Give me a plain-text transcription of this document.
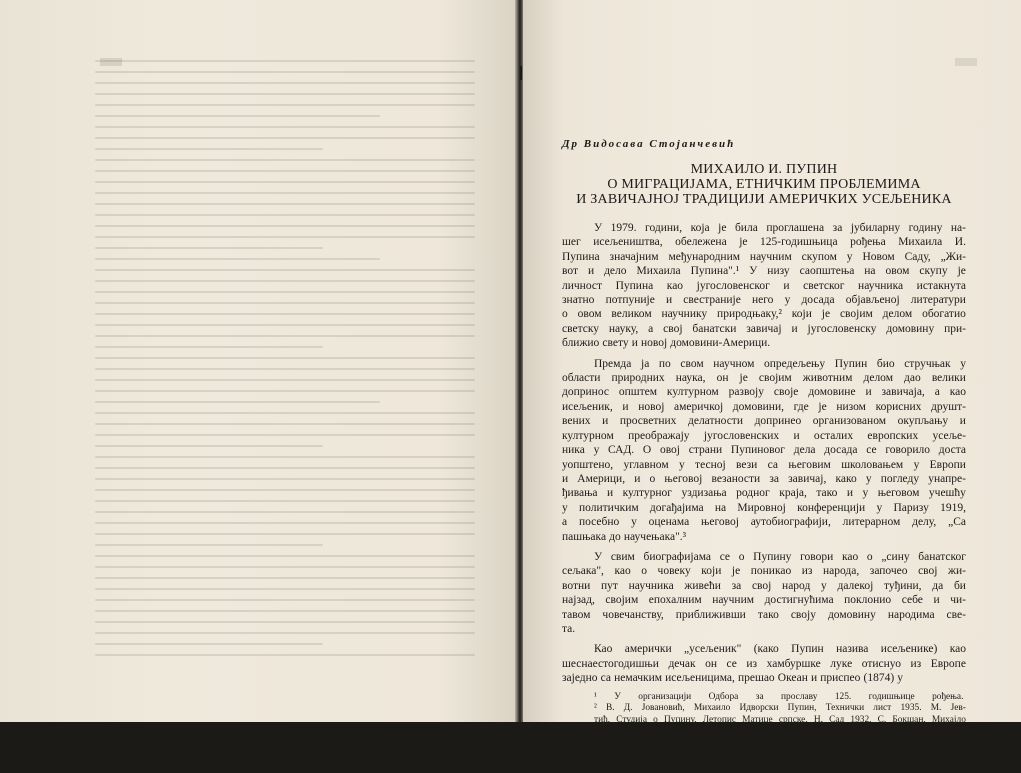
Др Видосава Стојанчевић
МИХАИЛО И. ПУПИН
О МИГРАЦИЈАМА, ЕТНИЧКИМ ПРОБЛЕМИМА
И ЗАВИЧАЈНОЈ ТРАДИЦИЈИ АМЕРИЧКИХ УСЕЉЕНИКА
У 1979. години, која је била проглашена за јубиларну годину на-
шег исељеништва, обележена је 125-годишњица рођења Михаила И.
Пупина значајним међународним научним скупом у Новом Саду, „Жи-
вот и дело Михаила Пупина".¹ У низу саопштења на овом скупу је
личност Пупина као југословенског и светског научника истакнута
знатно потпуније и свестраније него у досада објављеној литератури
о овом великом научнику природњаку,² који је својим делом обогатио
светску науку, а свој банатски завичај и југословенску домовину при-
ближио свету и новој домовини-Америци.
Премда ја по свом научном опредељењу Пупин био стручњак у
области природних наука, он је својим животним делом дао велики
допринос општем културном развоју своје домовине и завичаја, а као
исељеник, и новој америчкој домовини, где је низом корисних друшт-
вених и просветних делатности допринео организованом окупљању и
културном преображају југословенских и осталих европских усеље-
ника у САД. О овој страни Пупиновог дела досада се говорило доста
уопштено, углавном у тесној вези са његовим школовањем у Европи
и Америци, и о његовој везаности за завичај, како у погледу унапре-
ђивања и културног уздизања родног краја, тако и у његовом учешћу
у политичким догађајима на Мировној конференцији у Паризу 1919,
а посебно у оценама његовој аутобиографији, литерарном делу, „Са
пашњака до научењака".³
У свим биографијама се о Пупину говори као о „сину банатског
сељака", као о човеку који је поникао из народа, започео свој жи-
вотни пут научника живећи за свој народ у далекој туђини, да би
најзад, својим епохалним научним достигнућима поклонио себе и чи-
тавом човечанству, приближивши тако своју домовину народима све-
та.
Као амерички „усељеник" (како Пупин назива исељенике) као
шеснаестогодишњи дечак он се из хамбуршке луке отиснуо из Европе
заједно са немачким исељеницима, прешао Океан и приспео (1874) у
¹ У организацији Одбора за прославу 125. годишњице рођења.
² В. Д. Јовановић, Михаило Идворски Пупин, Технички лист 1935. М. Јев-
тић, Студија о Пупину, Летопис Матице српске, Н. Сад 1932, С. Бокшан, Михајло
Пупин, Наука и техника, Београд 1945, С. Бокшан, Михајло Пупин и његово
дело, Нови Сад 1950, А. В. Стојковић, Пупиново схватање друштва и религије,
Матица српска, Зборник за друштвене науке св. 64, Н. Сад 1978, 53—67.
³ М. И. Пупин, Са пашњака до научењака, В. Бечкерек 1929.
